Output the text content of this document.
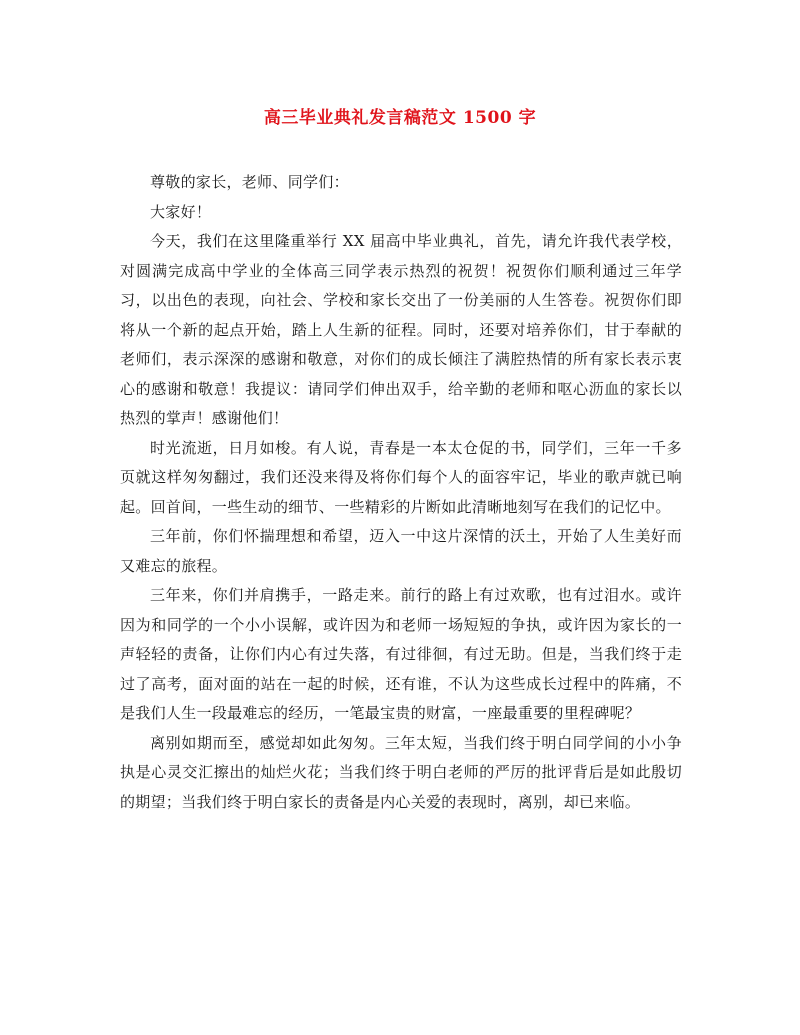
高三毕业典礼发言稿范文 1500 字

尊敬的家长，老师、同学们：

大家好！

今天，我们在这里隆重举行 XX 届高中毕业典礼，首先，请允许我代表学校，对圆满完成高中学业的全体高三同学表示热烈的祝贺！祝贺你们顺利通过三年学习，以出色的表现，向社会、学校和家长交出了一份美丽的人生答卷。祝贺你们即将从一个新的起点开始，踏上人生新的征程。同时，还要对培养你们，甘于奉献的老师们，表示深深的感谢和敬意，对你们的成长倾注了满腔热情的所有家长表示衷心的感谢和敬意！我提议：请同学们伸出双手，给辛勤的老师和呕心沥血的家长以热烈的掌声！感谢他们！

时光流逝，日月如梭。有人说，青春是一本太仓促的书，同学们，三年一千多页就这样匆匆翻过，我们还没来得及将你们每个人的面容牢记，毕业的歌声就已响起。回首间，一些生动的细节、一些精彩的片断如此清晰地刻写在我们的记忆中。

三年前，你们怀揣理想和希望，迈入一中这片深情的沃土，开始了人生美好而又难忘的旅程。

三年来，你们并肩携手，一路走来。前行的路上有过欢歌，也有过泪水。或许因为和同学的一个小小误解，或许因为和老师一场短短的争执，或许因为家长的一声轻轻的责备，让你们内心有过失落，有过徘徊，有过无助。但是，当我们终于走过了高考，面对面的站在一起的时候，还有谁，不认为这些成长过程中的阵痛，不是我们人生一段最难忘的经历，一笔最宝贵的财富，一座最重要的里程碑呢？

离别如期而至，感觉却如此匆匆。三年太短，当我们终于明白同学间的小小争执是心灵交汇擦出的灿烂火花；当我们终于明白老师的严厉的批评背后是如此殷切的期望；当我们终于明白家长的责备是内心关爱的表现时，离别，却已来临。
